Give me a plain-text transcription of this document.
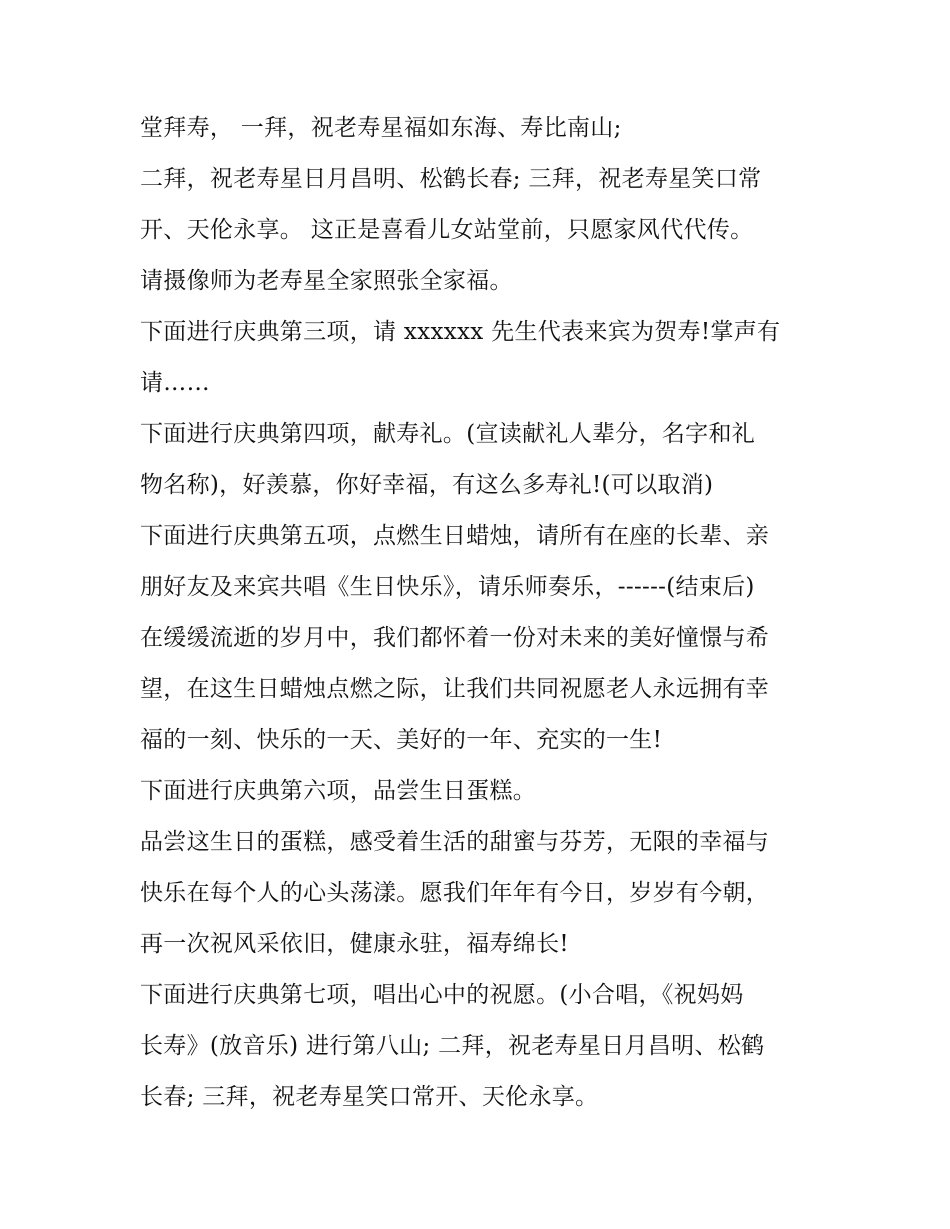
堂拜寿， 一拜，祝老寿星福如东海、寿比南山;
二拜，祝老寿星日月昌明、松鹤长春; 三拜，祝老寿星笑口常
开、天伦永享。 这正是喜看儿女站堂前，只愿家风代代传。
请摄像师为老寿星全家照张全家福。
下面进行庆典第三项，请 xxxxxx 先生代表来宾为贺寿!掌声有
请……
下面进行庆典第四项，献寿礼。(宣读献礼人辈分，名字和礼
物名称)，好羡慕，你好幸福，有这么多寿礼!(可以取消)
下面进行庆典第五项，点燃生日蜡烛，请所有在座的长辈、亲
朋好友及来宾共唱《生日快乐》，请乐师奏乐，------(结束后)
在缓缓流逝的岁月中，我们都怀着一份对未来的美好憧憬与希
望，在这生日蜡烛点燃之际，让我们共同祝愿老人永远拥有幸
福的一刻、快乐的一天、美好的一年、充实的一生!
下面进行庆典第六项，品尝生日蛋糕。
品尝这生日的蛋糕，感受着生活的甜蜜与芬芳，无限的幸福与
快乐在每个人的心头荡漾。愿我们年年有今日，岁岁有今朝，
再一次祝风采依旧，健康永驻，福寿绵长!
下面进行庆典第七项，唱出心中的祝愿。(小合唱，《祝妈妈
长寿》(放音乐) 进行第八山; 二拜，祝老寿星日月昌明、松鹤
长春; 三拜，祝老寿星笑口常开、天伦永享。
